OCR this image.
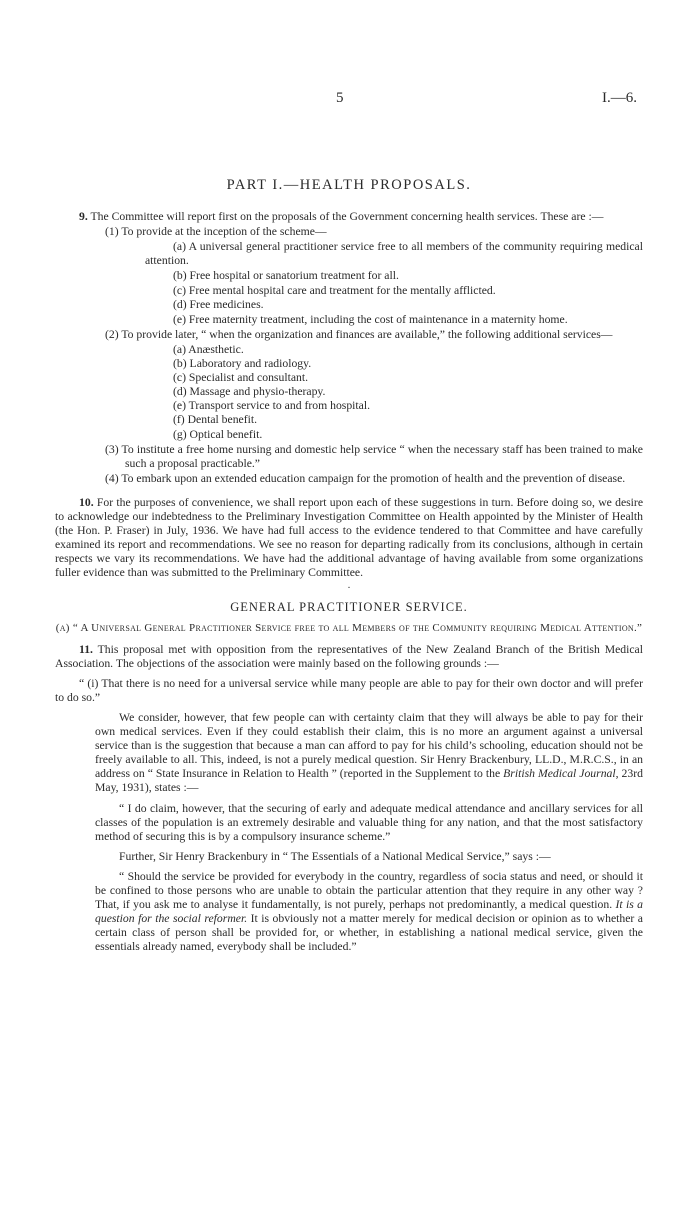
5	I.—6.
PART I.—HEALTH PROPOSALS.

9. The Committee will report first on the proposals of the Government concerning health services. These are :—

(1) To provide at the inception of the scheme—

(a) A universal general practitioner service free to all members of the community requiring medical attention.

(b) Free hospital or sanatorium treatment for all.

(c) Free mental hospital care and treatment for the mentally afflicted.

(d) Free medicines.

(e) Free maternity treatment, including the cost of maintenance in a maternity home.

(2) To provide later, “ when the organization and finances are available,” the following additional services—

(a) Anæsthetic.

(b) Laboratory and radiology.

(c) Specialist and consultant.

(d) Massage and physio-therapy.

(e) Transport service to and from hospital.

(f) Dental benefit.

(g) Optical benefit.

(3) To institute a free home nursing and domestic help service “ when the necessary staff has been trained to make such a proposal practicable.”

(4) To embark upon an extended education campaign for the promotion of health and the prevention of disease.

10. For the purposes of convenience, we shall report upon each of these suggestions in turn. Before doing so, we desire to acknowledge our indebtedness to the Preliminary Investigation Committee on Health appointed by the Minister of Health (the Hon. P. Fraser) in July, 1936. We have had full access to the evidence tendered to that Committee and have carefully examined its report and recommendations. We see no reason for departing radically from its conclusions, although in certain respects we vary its recommendations. We have had the additional advantage of having available from some organizations fuller evidence than was submitted to the Preliminary Committee.

.
GENERAL PRACTITIONER SERVICE.
(a) “ A Universal General Practitioner Service free to all Members of the Community requiring Medical Attention.”

11. This proposal met with opposition from the representatives of the New Zealand Branch of the British Medical Association. The objections of the association were mainly based on the following grounds :—

“ (i) That there is no need for a universal service while many people are able to pay for their own doctor and will prefer to do so.”

We consider, however, that few people can with certainty claim that they will always be able to pay for their own medical services. Even if they could establish their claim, this is no more an argument against a universal service than is the suggestion that because a man can afford to pay for his child’s schooling, education should not be freely available to all. This, indeed, is not a purely medical question. Sir Henry Brackenbury, LL.D., M.R.C.S., in an address on “ State Insurance in Relation to Health ” (reported in the Supplement to the British Medical Journal, 23rd May, 1931), states :—

“ I do claim, however, that the securing of early and adequate medical attendance and ancillary services for all classes of the population is an extremely desirable and valuable thing for any nation, and that the most satisfactory method of securing this is by a compulsory insurance scheme.”

Further, Sir Henry Brackenbury in “ The Essentials of a National Medical Service,” says :—

“ Should the service be provided for everybody in the country, regardless of socia status and need, or should it be confined to those persons who are unable to obtain the particular attention that they require in any other way ? That, if you ask me to analyse it fundamentally, is not purely, perhaps not predominantly, a medical question. It is a question for the social reformer. It is obviously not a matter merely for medical decision or opinion as to whether a certain class of person shall be provided for, or whether, in establishing a national medical service, given the essentials already named, everybody shall be included.”
